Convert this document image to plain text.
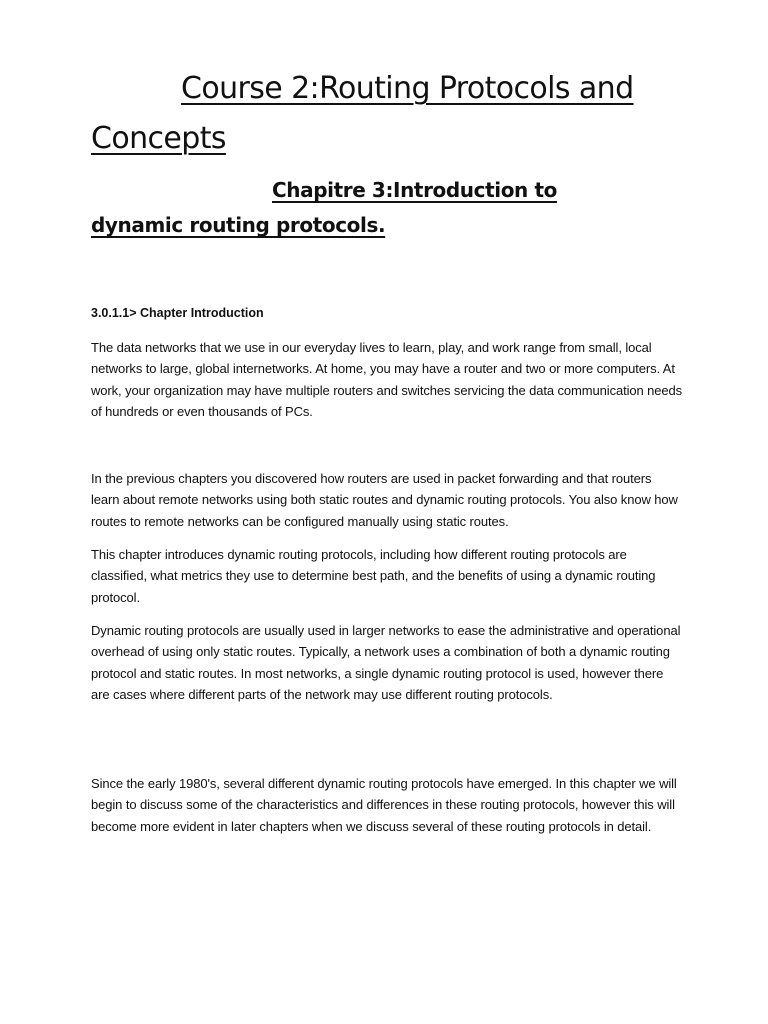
Course 2:Routing Protocols and Concepts
Chapitre 3:Introduction to dynamic routing protocols.
3.0.1.1> Chapter Introduction

The data networks that we use in our everyday lives to learn, play, and work range from small, local networks to large, global internetworks. At home, you may have a router and two or more computers. At work, your organization may have multiple routers and switches servicing the data communication needs of hundreds or even thousands of PCs.

In the previous chapters you discovered how routers are used in packet forwarding and that routers learn about remote networks using both static routes and dynamic routing protocols. You also know how routes to remote networks can be configured manually using static routes.

This chapter introduces dynamic routing protocols, including how different routing protocols are classified, what metrics they use to determine best path, and the benefits of using a dynamic routing protocol.

Dynamic routing protocols are usually used in larger networks to ease the administrative and operational overhead of using only static routes. Typically, a network uses a combination of both a dynamic routing protocol and static routes. In most networks, a single dynamic routing protocol is used, however there are cases where different parts of the network may use different routing protocols.

Since the early 1980's, several different dynamic routing protocols have emerged. In this chapter we will begin to discuss some of the characteristics and differences in these routing protocols, however this will become more evident in later chapters when we discuss several of these routing protocols in detail.
